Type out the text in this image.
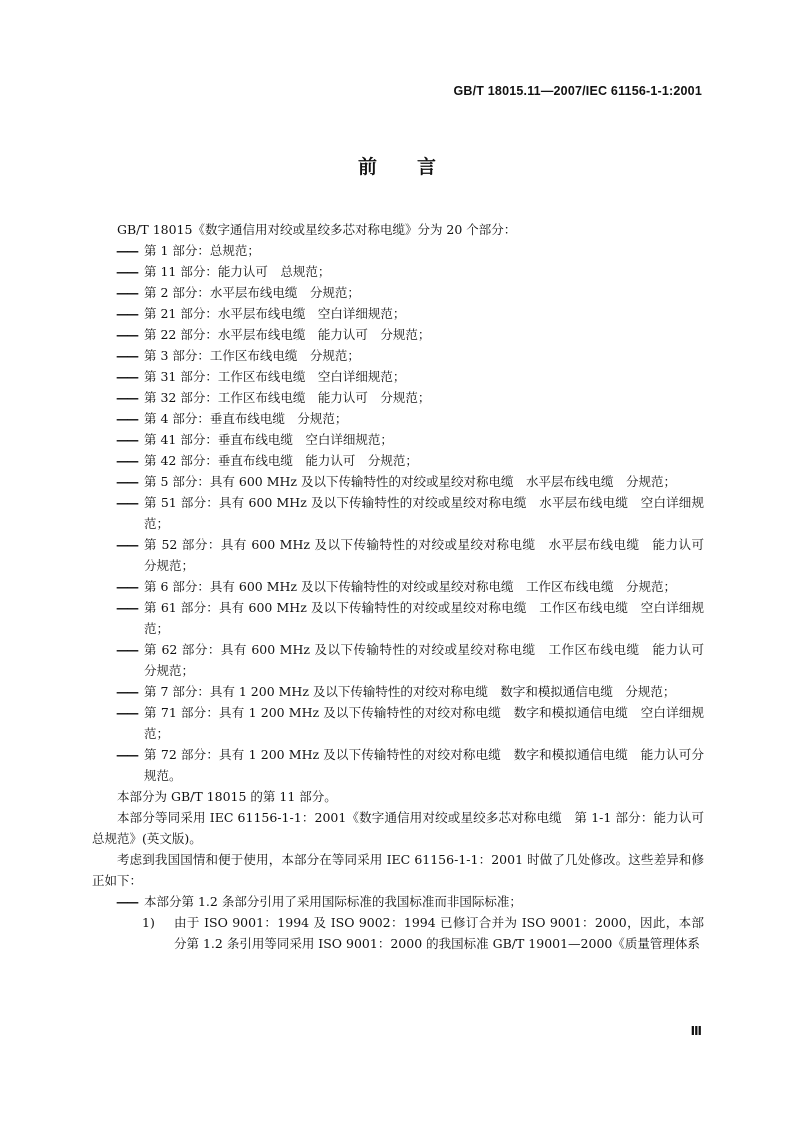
GB/T 18015.11—2007/IEC 61156-1-1:2001
前 言

GB/T 18015《数字通信用对绞或星绞多芯对称电缆》分为 20 个部分：

—— 第 1 部分：总规范；
—— 第 11 部分：能力认可　总规范；
—— 第 2 部分：水平层布线电缆　分规范；
—— 第 21 部分：水平层布线电缆　空白详细规范；
—— 第 22 部分：水平层布线电缆　能力认可　分规范；
—— 第 3 部分：工作区布线电缆　分规范；
—— 第 31 部分：工作区布线电缆　空白详细规范；
—— 第 32 部分：工作区布线电缆　能力认可　分规范；
—— 第 4 部分：垂直布线电缆　分规范；
—— 第 41 部分：垂直布线电缆　空白详细规范；
—— 第 42 部分：垂直布线电缆　能力认可　分规范；
—— 第 5 部分：具有 600 MHz 及以下传输特性的对绞或星绞对称电缆　水平层布线电缆　分规范；
—— 第 51 部分：具有 600 MHz 及以下传输特性的对绞或星绞对称电缆　水平层布线电缆　空白详细规范；
—— 第 52 部分：具有 600 MHz 及以下传输特性的对绞或星绞对称电缆　水平层布线电缆　能力认可　分规范；
—— 第 6 部分：具有 600 MHz 及以下传输特性的对绞或星绞对称电缆　工作区布线电缆　分规范；
—— 第 61 部分：具有 600 MHz 及以下传输特性的对绞或星绞对称电缆　工作区布线电缆　空白详细规范；
—— 第 62 部分：具有 600 MHz 及以下传输特性的对绞或星绞对称电缆　工作区布线电缆　能力认可　分规范；
—— 第 7 部分：具有 1 200 MHz 及以下传输特性的对绞对称电缆　数字和模拟通信电缆　分规范；
—— 第 71 部分：具有 1 200 MHz 及以下传输特性的对绞对称电缆　数字和模拟通信电缆　空白详细规范；
—— 第 72 部分：具有 1 200 MHz 及以下传输特性的对绞对称电缆　数字和模拟通信电缆　能力认可分规范。

本部分为 GB/T 18015 的第 11 部分。

本部分等同采用 IEC 61156-1-1：2001《数字通信用对绞或星绞多芯对称电缆　第 1-1 部分：能力认可总规范》(英文版)。

考虑到我国国情和便于使用，本部分在等同采用 IEC 61156-1-1：2001 时做了几处修改。这些差异和修正如下：

—— 本部分第 1.2 条部分引用了采用国际标准的我国标准而非国际标准；
1)	由于 ISO 9001：1994 及 ISO 9002：1994 已修订合并为 ISO 9001：2000，因此，本部分第 1.2 条引用等同采用 ISO 9001：2000 的我国标准 GB/T 19001—2000《质量管理体系
Ⅲ
